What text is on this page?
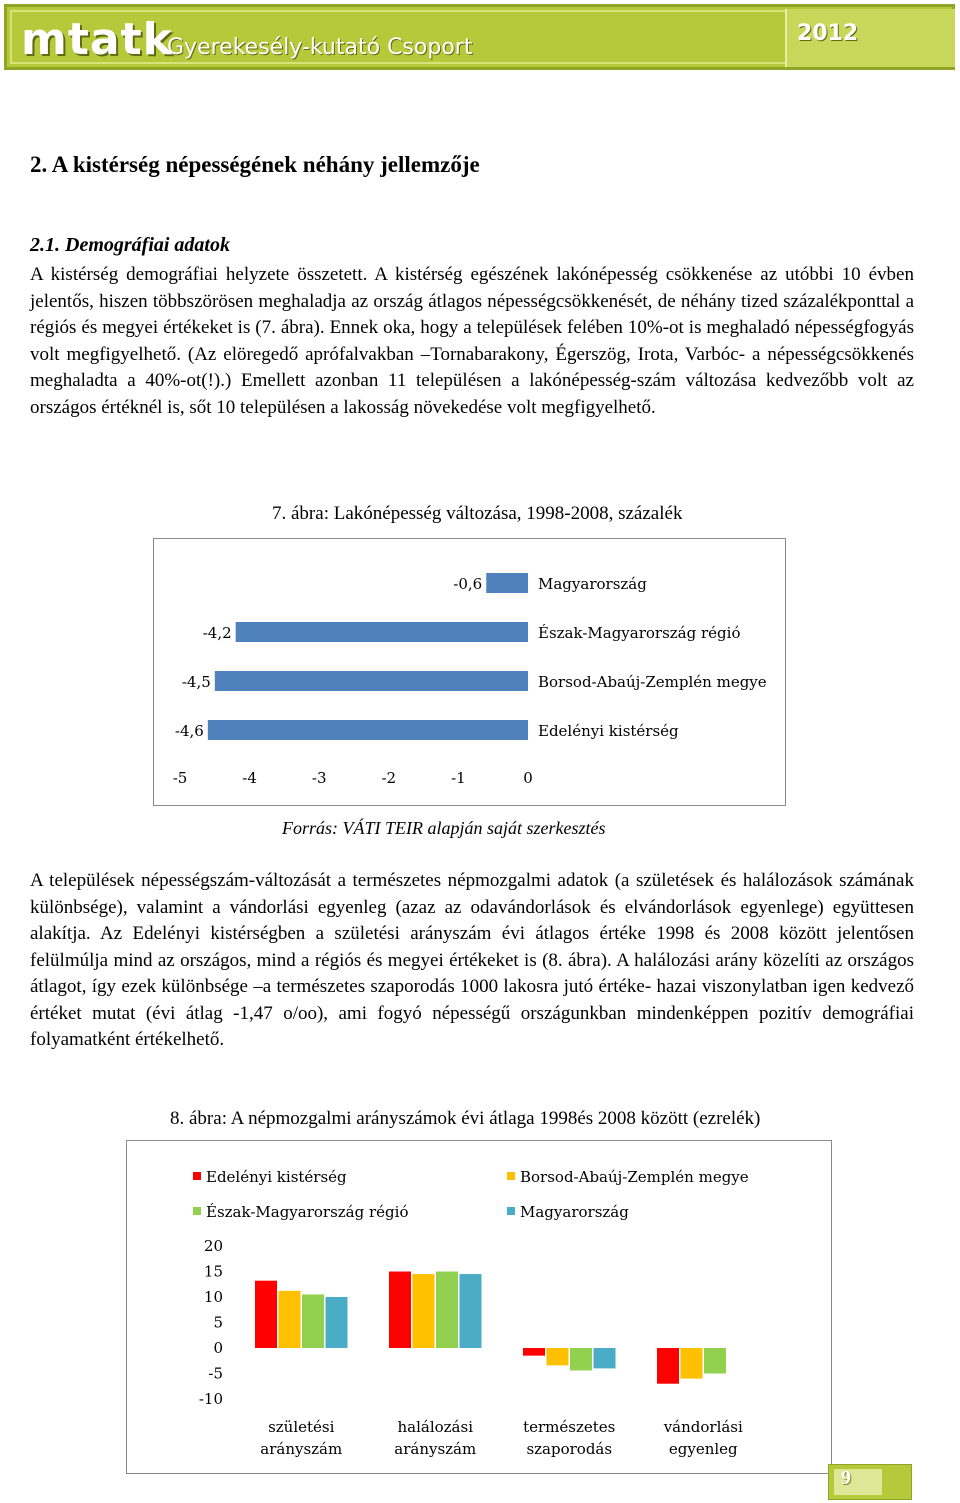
mtatk
Gyerekesély-kutató Csoport
2012
2. A kistérség népességének néhány jellemzője
2.1. Demográfiai adatok
A kistérség demográfiai helyzete összetett. A kistérség egészének lakónépesség csökkenése az utóbbi 10 évben jelentős, hiszen többszörösen meghaladja az ország átlagos népességcsökkenését, de néhány tized százalékponttal a régiós és megyei értékeket is (7. ábra). Ennek oka, hogy a települések felében 10%-ot is meghaladó népességfogyás volt megfigyelhető. (Az elöregedő aprófalvakban –Tornabarakony, Égerszög, Irota, Varbóc- a népességcsökkenés meghaladta a 40%-ot(!).) Emellett azonban 11 településen a lakónépesség-szám változása kedvezőbb volt az országos értéknél is, sőt 10 településen a lakosság növekedése volt megfigyelhető.
7. ábra: Lakónépesség változása, 1998-2008, százalék
-0,6	Magyarország
-4,2	Észak-Magyarország régió
-4,5	Borsod-Abaúj-Zemplén megye
-4,6	Edelényi kistérség
-5	-4	-3	-2	-1	0
Forrás: VÁTI TEIR alapján saját szerkesztés
A települések népességszám-változását a természetes népmozgalmi adatok (a születések és halálozások számának különbsége), valamint a vándorlási egyenleg (azaz az odavándorlások és elvándorlások egyenlege) együttesen alakítja. Az Edelényi kistérségben a születési arányszám évi átlagos értéke 1998 és 2008 között jelentősen felülmúlja mind az országos, mind a régiós és megyei értékeket is (8. ábra). A halálozási arány közelíti az országos átlagot, így ezek különbsége –a természetes szaporodás 1000 lakosra jutó értéke- hazai viszonylatban igen kedvező értéket mutat (évi átlag -1,47 o/oo), ami fogyó népességű országunkban mindenképpen pozitív demográfiai folyamatként értékelhető.
8. ábra: A népmozgalmi arányszámok évi átlaga 1998és 2008 között (ezrelék)
Edelényi kistérség	Borsod-Abaúj-Zemplén megye
Észak-Magyarország régió	Magyarország
20
15
10
5
0
-5
-10
születési
arányszám
halálozási
arányszám
természetes
szaporodás
vándorlási
egyenleg
9
